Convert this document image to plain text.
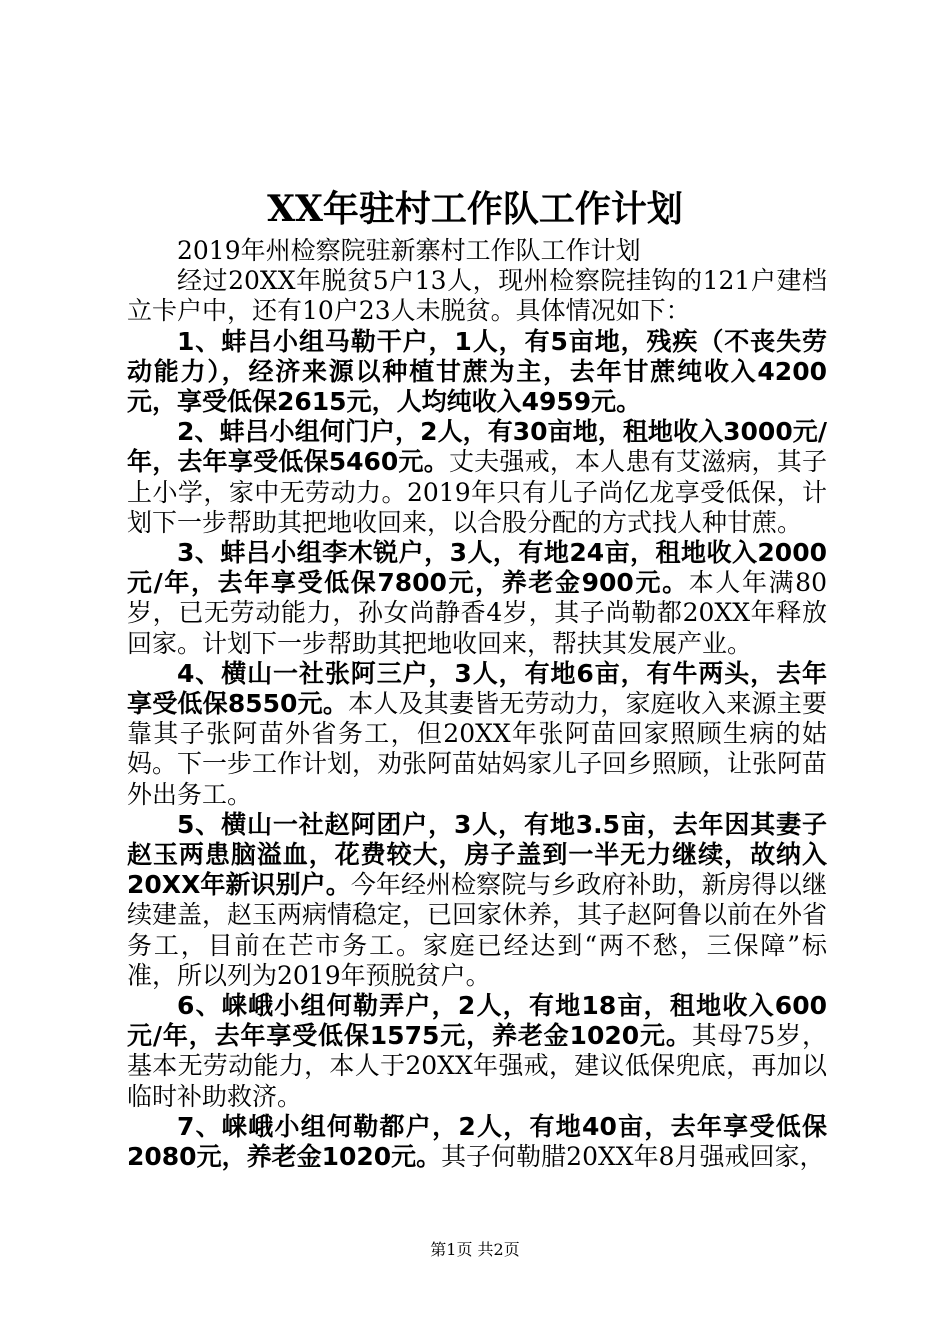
XX年驻村工作队工作计划

2019年州检察院驻新寨村工作队工作计划

经过20XX年脱贫5户13人，现州检察院挂钩的121户建档立卡户中，还有10户23人未脱贫。具体情况如下：

1、蚌吕小组马勒干户，1人，有5亩地，残疾（不丧失劳动能力），经济来源以种植甘蔗为主，去年甘蔗纯收入4200元，享受低保2615元，人均纯收入4959元。

2、蚌吕小组何门户，2人，有30亩地，租地收入3000元/年，去年享受低保5460元。丈夫强戒，本人患有艾滋病，其子上小学，家中无劳动力。2019年只有儿子尚亿龙享受低保，计划下一步帮助其把地收回来，以合股分配的方式找人种甘蔗。

3、蚌吕小组李木锐户，3人，有地24亩，租地收入2000元/年，去年享受低保7800元，养老金900元。本人年满80岁，已无劳动能力，孙女尚静香4岁，其子尚勒都20XX年释放回家。计划下一步帮助其把地收回来，帮扶其发展产业。

4、横山一社张阿三户，3人，有地6亩，有牛两头，去年享受低保8550元。本人及其妻皆无劳动力，家庭收入来源主要靠其子张阿苗外省务工，但20XX年张阿苗回家照顾生病的姑妈。下一步工作计划，劝张阿苗姑妈家儿子回乡照顾，让张阿苗外出务工。

5、横山一社赵阿团户，3人，有地3.5亩，去年因其妻子赵玉两患脑溢血，花费较大，房子盖到一半无力继续，故纳入20XX年新识别户。今年经州检察院与乡政府补助，新房得以继续建盖，赵玉两病情稳定，已回家休养，其子赵阿鲁以前在外省务工，目前在芒市务工。家庭已经达到“两不愁，三保障”标准，所以列为2019年预脱贫户。

6、崃峨小组何勒弄户，2人，有地18亩，租地收入600元/年，去年享受低保1575元，养老金1020元。其母75岁，基本无劳动能力，本人于20XX年强戒，建议低保兜底，再加以临时补助救济。

7、崃峨小组何勒都户，2人，有地40亩，去年享受低保2080元，养老金1020元。其子何勒腊20XX年8月强戒回家，

第1页 共2页
